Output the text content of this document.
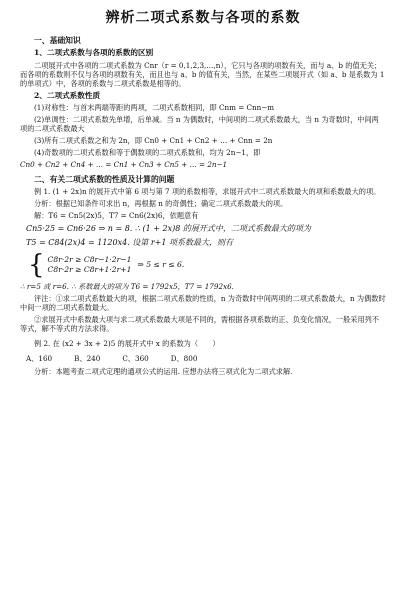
辨析二项式系数与各项的系数
一、基础知识
1、二项式系数与各项的系数的区别

二项展开式中各项的二项式系数为 Cnr（r = 0,1,2,3,…,n），它只与各项的项数有关，而与 a、b 的值无关；而各项的系数则不仅与各项的项数有关，而且也与 a、b 的值有关，当然，在某些二项展开式（如 a、b 是系数为 1 的单项式）中，各项的系数与二项式系数是相等的。

2、二项式系数性质

(1)对称性：与首末两端等距的两项，二项式系数相同，即 Cnm = Cnn−m

(2)单调性：二项式系数先单增，后单减。当 n 为偶数时，中间项的二项式系数最大，当 n 为奇数时，中间两项的二项式系数最大

(3)所有二项式系数之和为 2n，即 Cn0 + Cn1 + Cn2 + … + Cnn = 2n

(4)奇数项的二项式系数和等于偶数项的二项式系数和，均为 2n−1，即

Cn0 + Cn2 + Cn4 + … = Cn1 + Cn3 + Cn5 + … = 2n−1

二、有关二项式系数的性质及计算的问题

例 1. (1 + 2x)n 的展开式中第 6 项与第 7 项的系数相等，求展开式中二项式系数最大的项和系数最大的项。

分析：根据已知条件可求出 n，再根据 n 的奇偶性；确定二项式系数最大的项。

解：T6 = Cn5(2x)5，T7 = Cn6(2x)6，依题意有

Cn5·25 = Cn6·26 ⇒ n = 8. ∴ (1 + 2x)8 的展开式中，二项式系数最大的项为

T5 = C84(2x)4 = 1120x4. 设第 r+1 项系数最大，则有

{ C8r·2r ≥ C8r−1·2r−1
C8r·2r ≥ C8r+1·2r+1
⇒ 5 ≤ r ≤ 6.

∴ r=5 或 r=6. ∴ 系数最大的项为 T6 = 1792x5，T7 = 1792x6.

评注：①求二项式系数最大的项，根据二项式系数的性质，n 为奇数时中间两项的二项式系数最大，n 为偶数时中间一项的二项式系数最大。

②求展开式中系数最大项与求二项式系数最大项是不同的，需根据各项系数的正、负变化情况，一般采用列不等式，解不等式的方法求得。

例 2. 在 (x2 + 3x + 2)5 的展开式中 x 的系数为（　　）

A、160	B、240	C、360	D、800

分析：本题考查二项式定理的通项公式的运用. 应想办法将三项式化为二项式求解.
